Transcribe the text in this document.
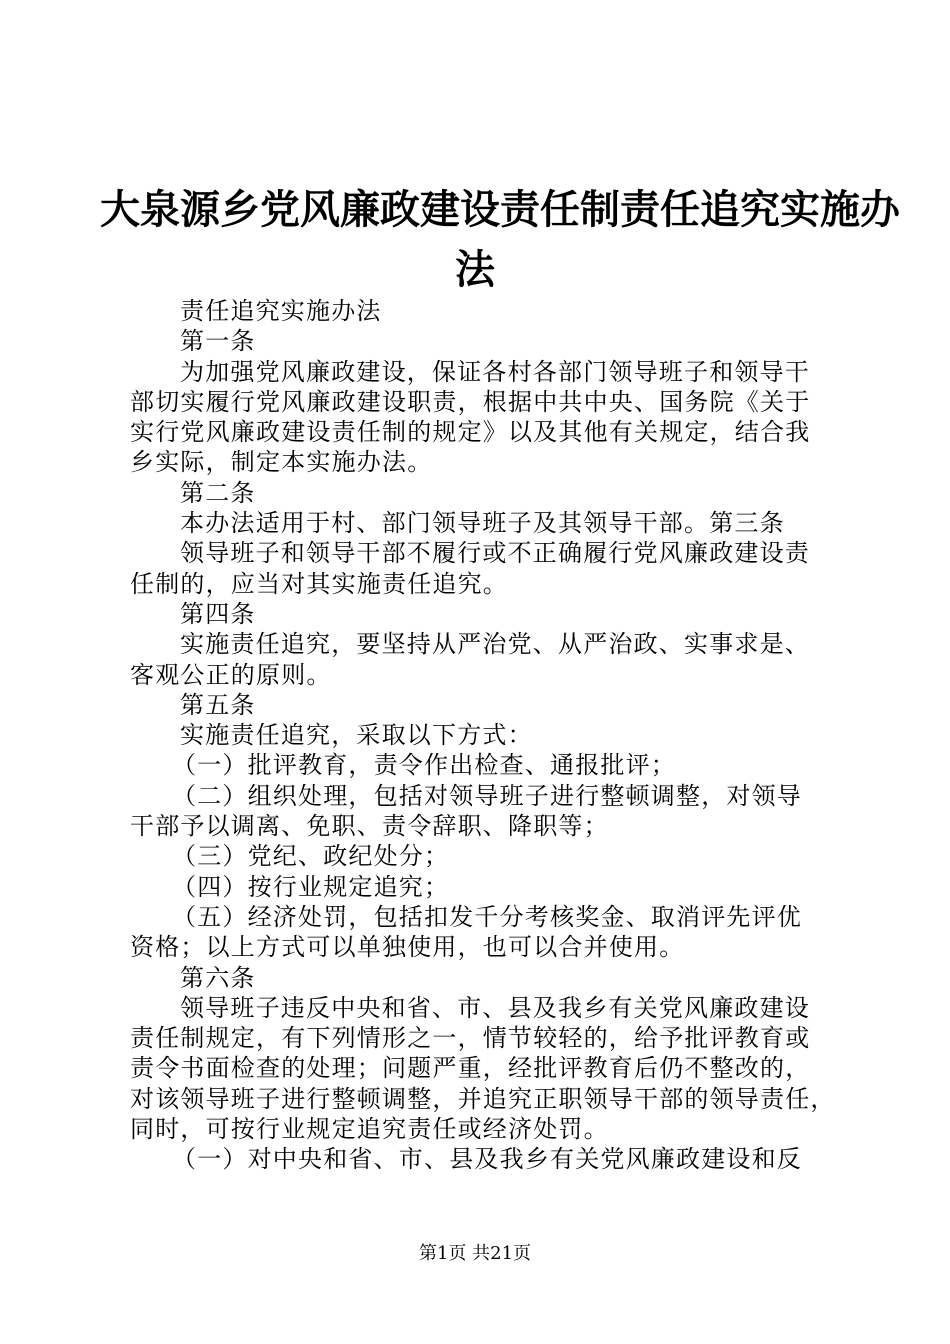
大泉源乡党风廉政建设责任制责任追究实施办
法
责任追究实施办法
第一条
为加强党风廉政建设，保证各村各部门领导班子和领导干
部切实履行党风廉政建设职责，根据中共中央、国务院《关于
实行党风廉政建设责任制的规定》以及其他有关规定，结合我
乡实际，制定本实施办法。
第二条
本办法适用于村、部门领导班子及其领导干部。第三条
领导班子和领导干部不履行或不正确履行党风廉政建设责
任制的，应当对其实施责任追究。
第四条
实施责任追究，要坚持从严治党、从严治政、实事求是、
客观公正的原则。
第五条
实施责任追究，采取以下方式：
（一）批评教育，责令作出检查、通报批评；
（二）组织处理，包括对领导班子进行整顿调整，对领导
干部予以调离、免职、责令辞职、降职等；
（三）党纪、政纪处分；
（四）按行业规定追究；
（五）经济处罚，包括扣发千分考核奖金、取消评先评优
资格；以上方式可以单独使用，也可以合并使用。
第六条
领导班子违反中央和省、市、县及我乡有关党风廉政建设
责任制规定，有下列情形之一，情节较轻的，给予批评教育或
责令书面检查的处理；问题严重，经批评教育后仍不整改的，
对该领导班子进行整顿调整，并追究正职领导干部的领导责任，
同时，可按行业规定追究责任或经济处罚。
（一）对中央和省、市、县及我乡有关党风廉政建设和反
第1页 共21页
